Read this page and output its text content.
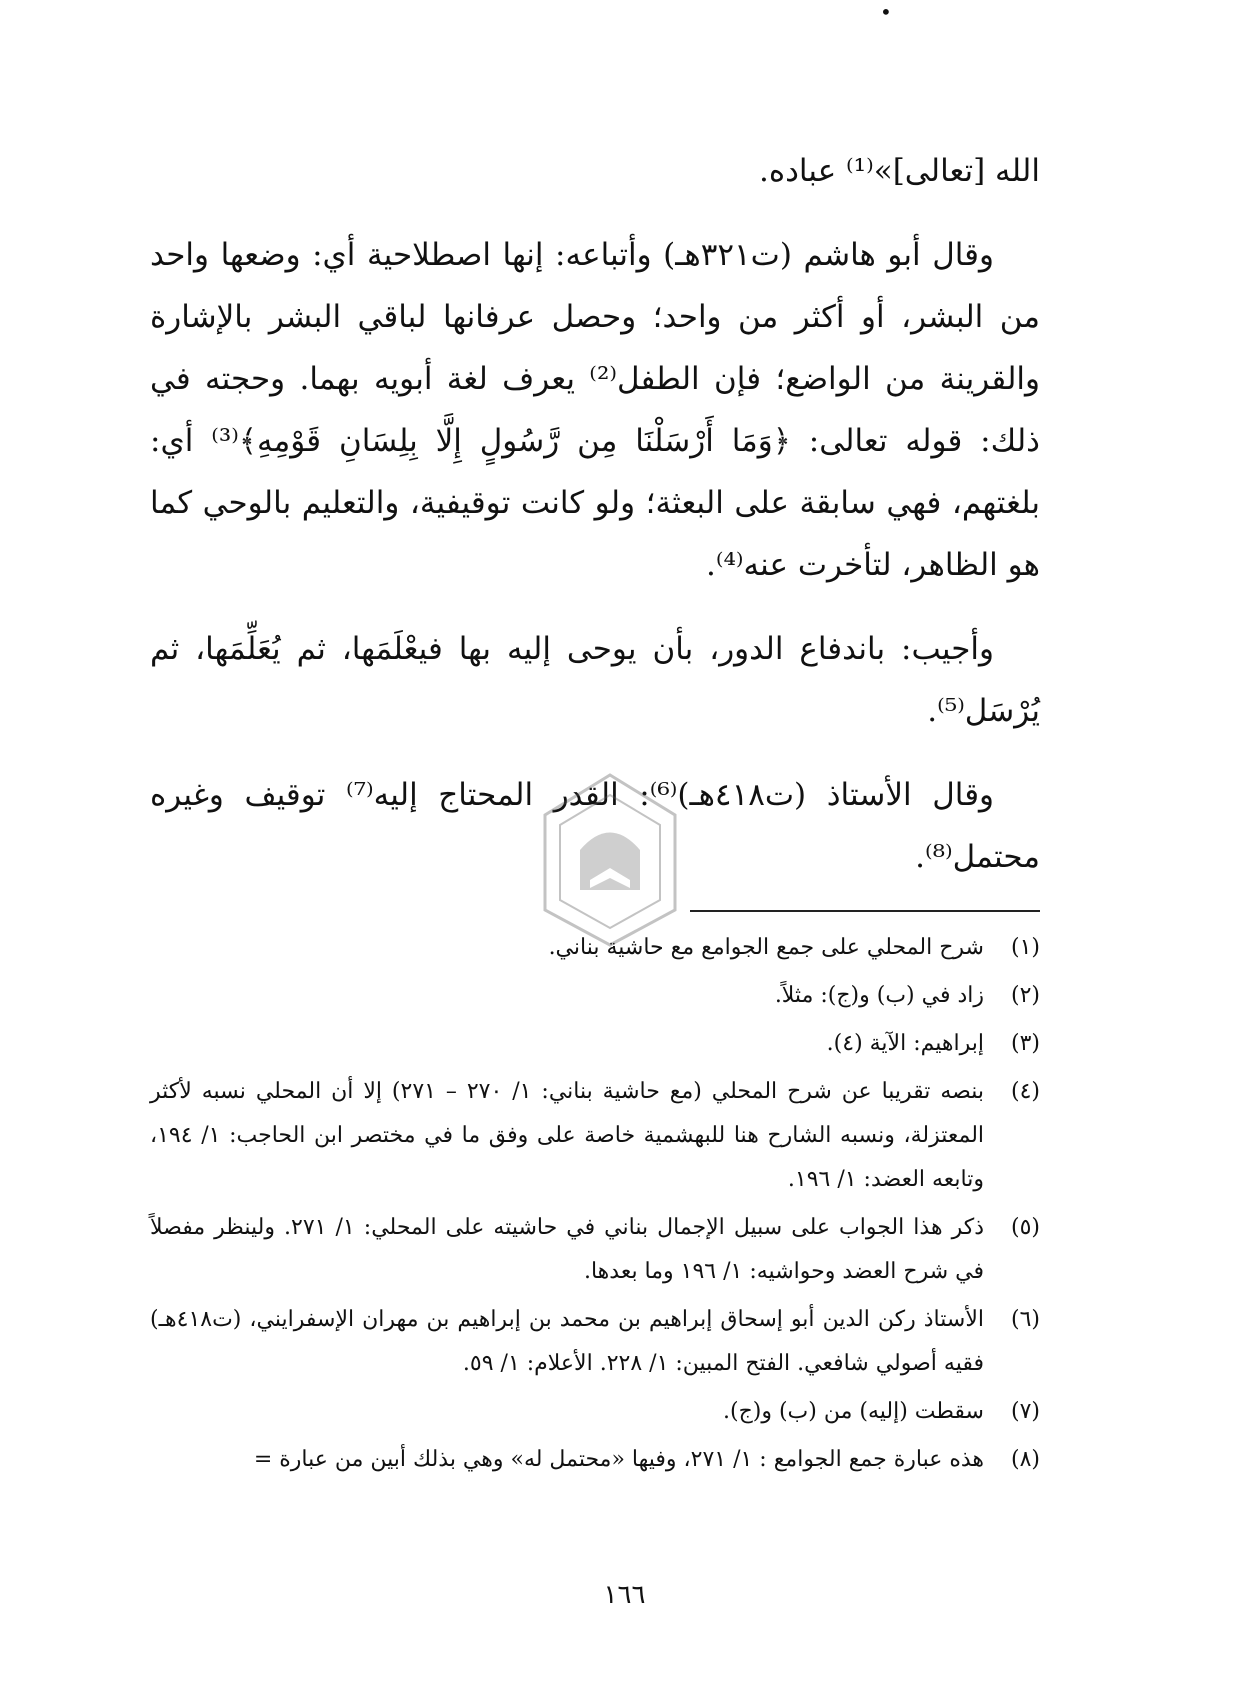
•

الله [تعالى]»⁽¹⁾ عباده.

وقال أبو هاشم (ت٣٢١هـ) وأتباعه: إنها اصطلاحية أي: وضعها واحد من البشر، أو أكثر من واحد؛ وحصل عرفانها لباقي البشر بالإشارة والقرينة من الواضع؛ فإن الطفل⁽²⁾ يعرف لغة أبويه بهما. وحجته في ذلك: قوله تعالى: ﴿وَمَا أَرْسَلْنَا مِن رَّسُولٍ إِلَّا بِلِسَانِ قَوْمِهِ﴾⁽³⁾ أي: بلغتهم، فهي سابقة على البعثة؛ ولو كانت توقيفية، والتعليم بالوحي كما هو الظاهر، لتأخرت عنه⁽⁴⁾.

وأجيب: باندفاع الدور، بأن يوحى إليه بها فيعْلَمَها، ثم يُعَلِّمَها، ثم يُرْسَل⁽⁵⁾.

وقال الأستاذ (ت٤١٨هـ)⁽⁶⁾: القدر المحتاج إليه⁽⁷⁾ توقيف وغيره محتمل⁽⁸⁾.

(١)
شرح المحلي على جمع الجوامع مع حاشية بناني.

(٢)
زاد في (ب) و(ج): مثلاً.

(٣)
إبراهيم: الآية (٤).

(٤)
بنصه تقريبا عن شرح المحلي (مع حاشية بناني: ١/ ٢٧٠ – ٢٧١) إلا أن المحلي نسبه لأكثر المعتزلة، ونسبه الشارح هنا للبهشمية خاصة على وفق ما في مختصر ابن الحاجب: ١/ ١٩٤، وتابعه العضد: ١/ ١٩٦.

(٥)
ذكر هذا الجواب على سبيل الإجمال بناني في حاشيته على المحلي: ١/ ٢٧١. ولينظر مفصلاً في شرح العضد وحواشيه: ١/ ١٩٦ وما بعدها.

(٦)
الأستاذ ركن الدين أبو إسحاق إبراهيم بن محمد بن إبراهيم بن مهران الإسفرايني، (ت٤١٨هـ) فقيه أصولي شافعي. الفتح المبين: ١/ ٢٢٨. الأعلام: ١/ ٥٩.

(٧)
سقطت (إليه) من (ب) و(ج).

(٨)
هذه عبارة جمع الجوامع : ١/ ٢٧١، وفيها «محتمل له» وهي بذلك أبين من عبارة =

١٦٦
